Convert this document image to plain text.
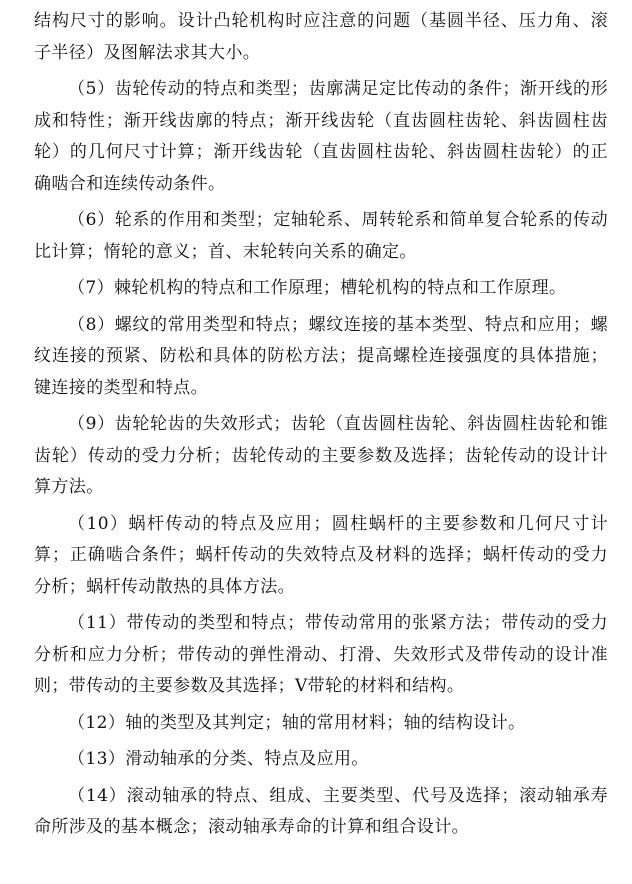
结构尺寸的影响。设计凸轮机构时应注意的问题（基圆半径、压力角、滚子半径）及图解法求其大小。

（5）齿轮传动的特点和类型；齿廓满足定比传动的条件；渐开线的形成和特性；渐开线齿廓的特点；渐开线齿轮（直齿圆柱齿轮、斜齿圆柱齿轮）的几何尺寸计算；渐开线齿轮（直齿圆柱齿轮、斜齿圆柱齿轮）的正确啮合和连续传动条件。

（6）轮系的作用和类型；定轴轮系、周转轮系和简单复合轮系的传动比计算；惰轮的意义；首、末轮转向关系的确定。

（7）棘轮机构的特点和工作原理；槽轮机构的特点和工作原理。

（8）螺纹的常用类型和特点；螺纹连接的基本类型、特点和应用；螺纹连接的预紧、防松和具体的防松方法；提高螺栓连接强度的具体措施；键连接的类型和特点。

（9）齿轮轮齿的失效形式；齿轮（直齿圆柱齿轮、斜齿圆柱齿轮和锥齿轮）传动的受力分析；齿轮传动的主要参数及选择；齿轮传动的设计计算方法。

（10）蜗杆传动的特点及应用；圆柱蜗杆的主要参数和几何尺寸计算；正确啮合条件；蜗杆传动的失效特点及材料的选择；蜗杆传动的受力分析；蜗杆传动散热的具体方法。

（11）带传动的类型和特点；带传动常用的张紧方法；带传动的受力分析和应力分析；带传动的弹性滑动、打滑、失效形式及带传动的设计准则；带传动的主要参数及其选择；V带轮的材料和结构。

（12）轴的类型及其判定；轴的常用材料；轴的结构设计。

（13）滑动轴承的分类、特点及应用。

（14）滚动轴承的特点、组成、主要类型、代号及选择；滚动轴承寿命所涉及的基本概念；滚动轴承寿命的计算和组合设计。
